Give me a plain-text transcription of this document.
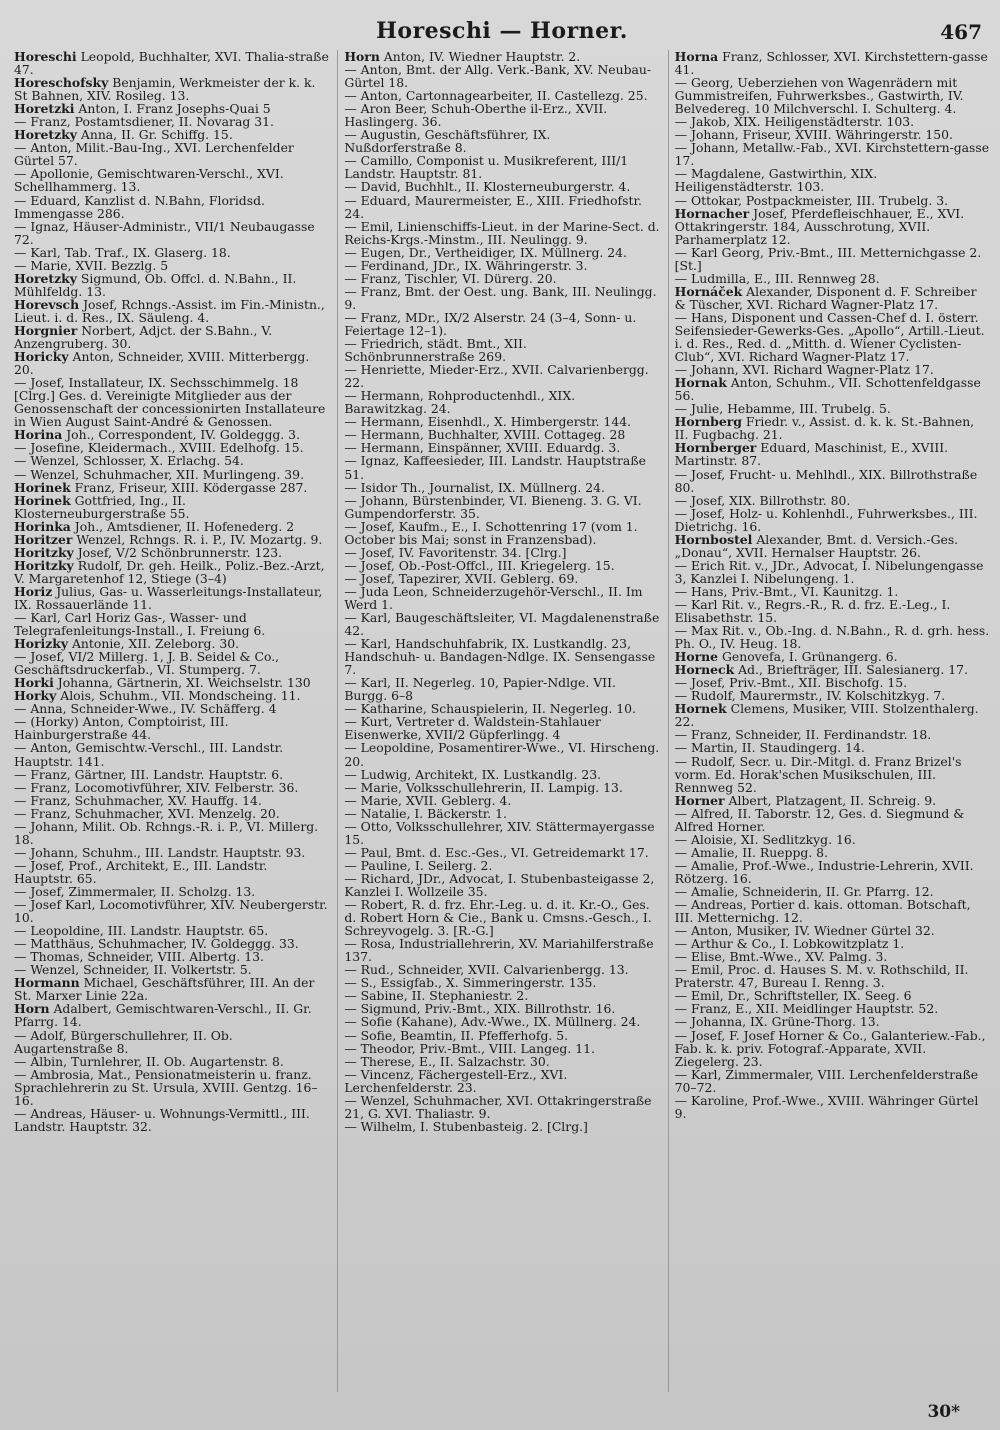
Horeschi — Horner.	467

Horeschi Leopold, Buchhalter, XVI. Thalia-straße 47.

Horeschofsky Benjamin, Werkmeister der k. k. St Bahnen, XIV. Rosileg. 13.

Horetzki Anton, I. Franz Josephs-Quai 5

— Franz, Postamtsdiener, II. Novarag 31.

Horetzky Anna, II. Gr. Schiffg. 15.

— Anton, Milit.-Bau-Ing., XVI. Lerchenfelder Gürtel 57.

— Apollonie, Gemischtwaren-Verschl., XVI. Schellhammerg. 13.

— Eduard, Kanzlist d. N.Bahn, Floridsd. Immengasse 286.

— Ignaz, Häuser-Administr., VII/1 Neubaugasse 72.

— Karl, Tab. Traf., IX. Glaserg. 18.

— Marie, XVII. Bezzlg. 5

Horetzky Sigmund, Ob. Offcl. d. N.Bahn., II. Mühlfeldg. 13.

Horevsch Josef, Rchngs.-Assist. im Fin.-Ministn., Lieut. i. d. Res., IX. Säuleng. 4.

Horgnier Norbert, Adjct. der S.Bahn., V. Anzengruberg. 30.

Horicky Anton, Schneider, XVIII. Mitterbergg. 20.

— Josef, Installateur, IX. Sechsschimmelg. 18 [Clrg.] Ges. d. Vereinigte Mitglieder aus der Genossenschaft der concessionirten Installateure in Wien August Saint-André & Genossen.

Horina Joh., Correspondent, IV. Goldeggg. 3.

— Josefine, Kleidermach., XVIII. Edelhofg. 15.

— Wenzel, Schlosser, X. Erlachg. 54.

— Wenzel, Schuhmacher, XII. Murlingeng. 39.

Horinek Franz, Friseur, XIII. Ködergasse 287.

Horinek Gottfried, Ing., II. Klosterneuburgerstraße 55.

Horinka Joh., Amtsdiener, II. Hofenederg. 2

Horitzer Wenzel, Rchngs. R. i. P., IV. Mozartg. 9.

Horitzky Josef, V/2 Schönbrunnerstr. 123.

Horitzky Rudolf, Dr. geh. Heilk., Poliz.-Bez.-Arzt, V. Margaretenhof 12, Stiege (3–4)

Horiz Julius, Gas- u. Wasserleitungs-Installateur, IX. Rossauerlände 11.

— Karl, Carl Horiz Gas-, Wasser- und Telegrafenleitungs-Install., I. Freiung 6.

Horizky Antonie, XII. Zeleborg. 30.

— Josef, VI/2 Millerg. 1, J. B. Seidel & Co., Geschäftsdruckerfab., VI. Stumperg. 7.

Horki Johanna, Gärtnerin, XI. Weichselstr. 130

Horky Alois, Schuhm., VII. Mondscheing. 11.

— Anna, Schneider-Wwe., IV. Schäfferg. 4

— (Horky) Anton, Comptoirist, III. Hainburgerstraße 44.

— Anton, Gemischtw.-Verschl., III. Landstr. Hauptstr. 141.

— Franz, Gärtner, III. Landstr. Hauptstr. 6.

— Franz, Locomotivführer, XIV. Felberstr. 36.

— Franz, Schuhmacher, XV. Hauffg. 14.

— Franz, Schuhmacher, XVI. Menzelg. 20.

— Johann, Milit. Ob. Rchngs.-R. i. P., VI. Millerg. 18.

— Johann, Schuhm., III. Landstr. Hauptstr. 93.

— Josef, Prof., Architekt, E., III. Landstr. Hauptstr. 65.

— Josef, Zimmermaler, II. Scholzg. 13.

— Josef Karl, Locomotivführer, XIV. Neubergerstr. 10.

— Leopoldine, III. Landstr. Hauptstr. 65.

— Matthäus, Schuhmacher, IV. Goldeggg. 33.

— Thomas, Schneider, VIII. Albertg. 13.

— Wenzel, Schneider, II. Volkertstr. 5.

Hormann Michael, Geschäftsführer, III. An der St. Marxer Linie 22a.

Horn Adalbert, Gemischtwaren-Verschl., II. Gr. Pfarrg. 14.

— Adolf, Bürgerschullehrer, II. Ob. Augartenstraße 8.

— Albin, Turnlehrer, II. Ob. Augartenstr. 8.

— Ambrosia, Mat., Pensionatmeisterin u. franz. Sprachlehrerin zu St. Ursula, XVIII. Gentzg. 16–16.

— Andreas, Häuser- u. Wohnungs-Vermittl., III. Landstr. Hauptstr. 32.

Horn Anton, IV. Wiedner Hauptstr. 2.

— Anton, Bmt. der Allg. Verk.-Bank, XV. Neubau-Gürtel 18.

— Anton, Cartonnagearbeiter, II. Castellezg. 25.

— Aron Beer, Schuh-Oberthe il-Erz., XVII. Haslingerg. 36.

— Augustin, Geschäftsführer, IX. Nußdorferstraße 8.

— Camillo, Componist u. Musikreferent, III/1 Landstr. Hauptstr. 81.

— David, Buchhlt., II. Klosterneuburgerstr. 4.

— Eduard, Maurermeister, E., XIII. Friedhofstr. 24.

— Emil, Linienschiffs-Lieut. in der Marine-Sect. d. Reichs-Krgs.-Minstm., III. Neulingg. 9.

— Eugen, Dr., Vertheidiger, IX. Müllnerg. 24.

— Ferdinand, JDr., IX. Währingerstr. 3.

— Franz, Tischler, VI. Dürerg. 20.

— Franz, Bmt. der Oest. ung. Bank, III. Neulingg. 9.

— Franz, MDr., IX/2 Alserstr. 24 (3–4, Sonn- u. Feiertage 12–1).

— Friedrich, städt. Bmt., XII. Schönbrunnerstraße 269.

— Henriette, Mieder-Erz., XVII. Calvarienbergg. 22.

— Hermann, Rohproductenhdl., XIX. Barawitzkag. 24.

— Hermann, Eisenhdl., X. Himbergerstr. 144.

— Hermann, Buchhalter, XVIII. Cottageg. 28

— Hermann, Einspänner, XVIII. Eduardg. 3.

— Ignaz, Kaffeesieder, III. Landstr. Hauptstraße 51.

— Isidor Th., Journalist, IX. Müllnerg. 24.

— Johann, Bürstenbinder, VI. Bieneng. 3. G. VI. Gumpendorferstr. 35.

— Josef, Kaufm., E., I. Schottenring 17 (vom 1. October bis Mai; sonst in Franzensbad).

— Josef, IV. Favoritenstr. 34. [Clrg.]

— Josef, Ob.-Post-Offcl., III. Kriegelerg. 15.

— Josef, Tapezirer, XVII. Geblerg. 69.

— Juda Leon, Schneiderzugehör-Verschl., II. Im Werd 1.

— Karl, Baugeschäftsleiter, VI. Magdalenenstraße 42.

— Karl, Handschuhfabrik, IX. Lustkandlg. 23, Handschuh- u. Bandagen-Ndlge. IX. Sensengasse 7.

— Karl, II. Negerleg. 10, Papier-Ndlge. VII. Burgg. 6–8

— Katharine, Schauspielerin, II. Negerleg. 10.

— Kurt, Vertreter d. Waldstein-Stahlauer Eisenwerke, XVII/2 Güpferlingg. 4

— Leopoldine, Posamentirer-Wwe., VI. Hirscheng. 20.

— Ludwig, Architekt, IX. Lustkandlg. 23.

— Marie, Volksschullehrerin, II. Lampig. 13.

— Marie, XVII. Geblerg. 4.

— Natalie, I. Bäckerstr. 1.

— Otto, Volksschullehrer, XIV. Stättermayergasse 15.

— Paul, Bmt. d. Esc.-Ges., VI. Getreidemarkt 17.

— Pauline, I. Seilerg. 2.

— Richard, JDr., Advocat, I. Stubenbasteigasse 2, Kanzlei I. Wollzeile 35.

— Robert, R. d. frz. Ehr.-Leg. u. d. it. Kr.-O., Ges. d. Robert Horn & Cie., Bank u. Cmsns.-Gesch., I. Schreyvogelg. 3. [R.-G.]

— Rosa, Industriallehrerin, XV. Mariahilferstraße 137.

— Rud., Schneider, XVII. Calvarienbergg. 13.

— S., Essigfab., X. Simmeringerstr. 135.

— Sabine, II. Stephaniestr. 2.

— Sigmund, Priv.-Bmt., XIX. Billrothstr. 16.

— Sofie (Kahane), Adv.-Wwe., IX. Müllnerg. 24.

— Sofie, Beamtin, II. Pfefferhofg. 5.

— Theodor, Priv.-Bmt., VIII. Langeg. 11.

— Therese, E., II. Salzachstr. 30.

— Vincenz, Fächergestell-Erz., XVI. Lerchenfelderstr. 23.

— Wenzel, Schuhmacher, XVI. Ottakringerstraße 21, G. XVI. Thaliastr. 9.

— Wilhelm, I. Stubenbasteig. 2. [Clrg.]

Horna Franz, Schlosser, XVI. Kirchstettern-gasse 41.

— Georg, Ueberziehen von Wagenrädern mit Gummistreifen, Fuhrwerksbes., Gastwirth, IV. Belvedereg. 10 Milchverschl. I. Schulterg. 4.

— Jakob, XIX. Heiligenstädterstr. 103.

— Johann, Friseur, XVIII. Währingerstr. 150.

— Johann, Metallw.-Fab., XVI. Kirchstettern-gasse 17.

— Magdalene, Gastwirthin, XIX. Heiligenstädterstr. 103.

— Ottokar, Postpackmeister, III. Trubelg. 3.

Hornacher Josef, Pferdefleischhauer, E., XVI. Ottakringerstr. 184, Ausschrotung, XVII. Parhamerplatz 12.

— Karl Georg, Priv.-Bmt., III. Metternichgasse 2. [St.]

— Ludmilla, E., III. Rennweg 28.

Hornáček Alexander, Disponent d. F. Schreiber & Tüscher, XVI. Richard Wagner-Platz 17.

— Hans, Disponent und Cassen-Chef d. I. österr. Seifensieder-Gewerks-Ges. „Apollo“, Artill.-Lieut. i. d. Res., Red. d. „Mitth. d. Wiener Cyclisten-Club“, XVI. Richard Wagner-Platz 17.

— Johann, XVI. Richard Wagner-Platz 17.

Hornak Anton, Schuhm., VII. Schottenfeldgasse 56.

— Julie, Hebamme, III. Trubelg. 5.

Hornberg Friedr. v., Assist. d. k. k. St.-Bahnen, II. Fugbachg. 21.

Hornberger Eduard, Maschinist, E., XVIII. Martinstr. 87.

— Josef, Frucht- u. Mehlhdl., XIX. Billrothstraße 80.

— Josef, XIX. Billrothstr. 80.

— Josef, Holz- u. Kohlenhdl., Fuhrwerksbes., III. Dietrichg. 16.

Hornbostel Alexander, Bmt. d. Versich.-Ges. „Donau“, XVII. Hernalser Hauptstr. 26.

— Erich Rit. v., JDr., Advocat, I. Nibelungengasse 3, Kanzlei I. Nibelungeng. 1.

— Hans, Priv.-Bmt., VI. Kaunitzg. 1.

— Karl Rit. v., Regrs.-R., R. d. frz. E.-Leg., I. Elisabethstr. 15.

— Max Rit. v., Ob.-Ing. d. N.Bahn., R. d. grh. hess. Ph. O., IV. Heug. 18.

Horne Genovefa, I. Grünangerg. 6.

Horneck Ad., Briefträger, III. Salesianerg. 17.

— Josef, Priv.-Bmt., XII. Bischofg. 15.

— Rudolf, Maurermstr., IV. Kolschitzkyg. 7.

Hornek Clemens, Musiker, VIII. Stolzenthalerg. 22.

— Franz, Schneider, II. Ferdinandstr. 18.

— Martin, II. Staudingerg. 14.

— Rudolf, Secr. u. Dir.-Mitgl. d. Franz Brizel's vorm. Ed. Horak'schen Musikschulen, III. Rennweg 52.

Horner Albert, Platzagent, II. Schreig. 9.

— Alfred, II. Taborstr. 12, Ges. d. Siegmund & Alfred Horner.

— Aloisie, XI. Sedlitzkyg. 16.

— Amalie, II. Rueppg. 8.

— Amalie, Prof.-Wwe., Industrie-Lehrerin, XVII. Rötzerg. 16.

— Amalie, Schneiderin, II. Gr. Pfarrg. 12.

— Andreas, Portier d. kais. ottoman. Botschaft, III. Metternichg. 12.

— Anton, Musiker, IV. Wiedner Gürtel 32.

— Arthur & Co., I. Lobkowitzplatz 1.

— Elise, Bmt.-Wwe., XV. Palmg. 3.

— Emil, Proc. d. Hauses S. M. v. Rothschild, II. Praterstr. 47, Bureau I. Renng. 3.

— Emil, Dr., Schriftsteller, IX. Seeg. 6

— Franz, E., XII. Meidlinger Hauptstr. 52.

— Johanna, IX. Grüne-Thorg. 13.

— Josef, F. Josef Horner & Co., Galanteriew.-Fab., Fab. k. k. priv. Fotograf.-Apparate, XVII. Ziegelerg. 23.

— Karl, Zimmermaler, VIII. Lerchenfelderstraße 70–72.

— Karoline, Prof.-Wwe., XVIII. Währinger Gürtel 9.

30*
